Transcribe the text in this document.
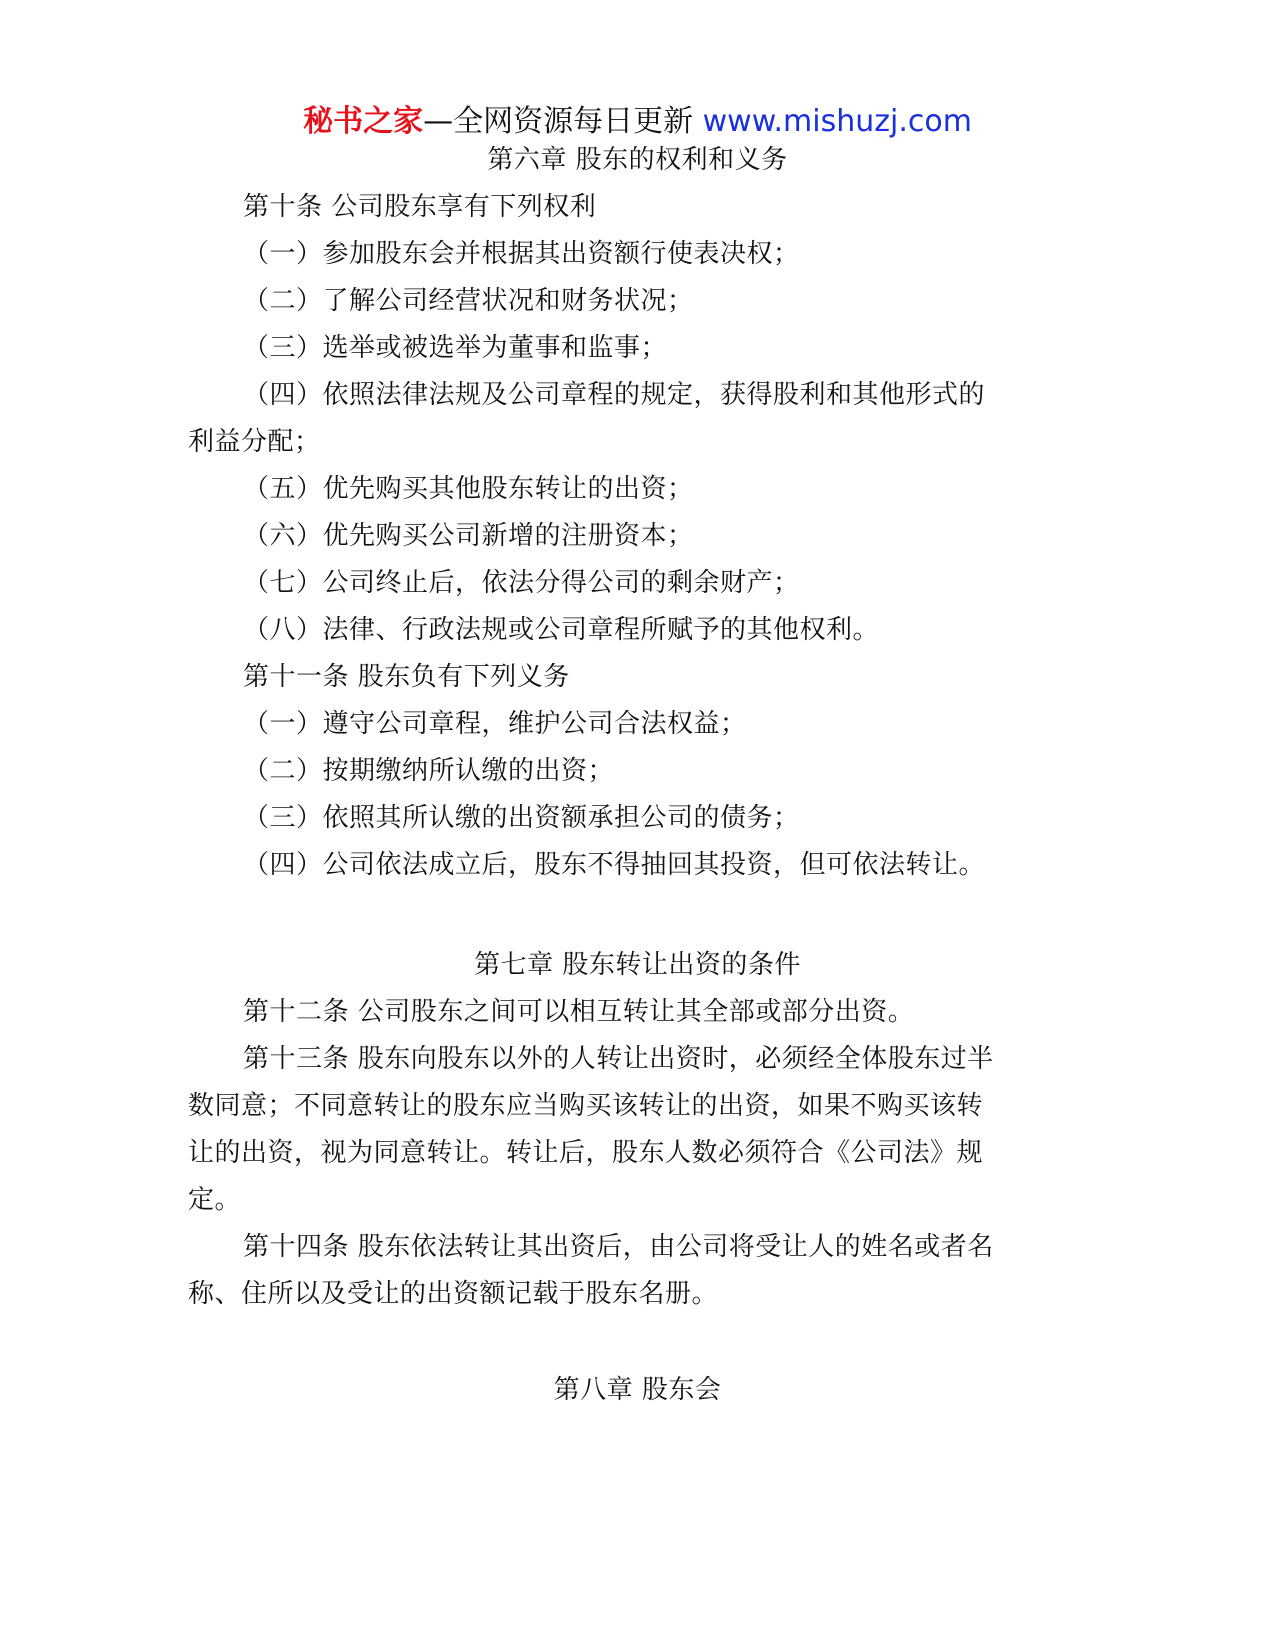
秘书之家—全网资源每日更新 www.mishuzj.com
第六章 股东的权利和义务
第十条 公司股东享有下列权利
（一）参加股东会并根据其出资额行使表决权；
（二）了解公司经营状况和财务状况；
（三）选举或被选举为董事和监事；
（四）依照法律法规及公司章程的规定，获得股利和其他形式的
利益分配；
（五）优先购买其他股东转让的出资；
（六）优先购买公司新增的注册资本；
（七）公司终止后，依法分得公司的剩余财产；
（八）法律、行政法规或公司章程所赋予的其他权利。
第十一条 股东负有下列义务
（一）遵守公司章程，维护公司合法权益；
（二）按期缴纳所认缴的出资；
（三）依照其所认缴的出资额承担公司的债务；
（四）公司依法成立后，股东不得抽回其投资，但可依法转让。
第七章 股东转让出资的条件
第十二条 公司股东之间可以相互转让其全部或部分出资。
第十三条 股东向股东以外的人转让出资时，必须经全体股东过半
数同意；不同意转让的股东应当购买该转让的出资，如果不购买该转
让的出资，视为同意转让。转让后，股东人数必须符合《公司法》规
定。
第十四条 股东依法转让其出资后，由公司将受让人的姓名或者名
称、住所以及受让的出资额记载于股东名册。
第八章 股东会
